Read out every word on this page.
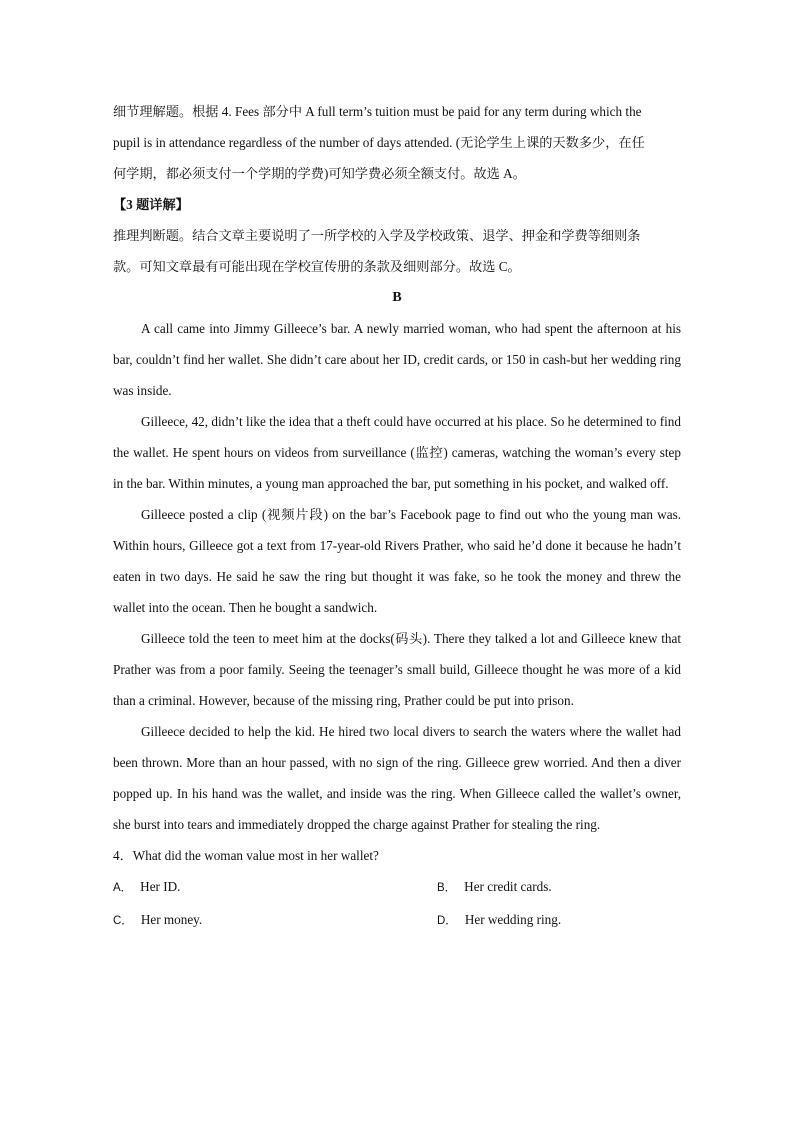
细节理解题。根据 4. Fees 部分中 A full term’s tuition must be paid for any term during which the

pupil is in attendance regardless of the number of days attended. (无论学生上课的天数多少，在任

何学期，都必须支付一个学期的学费)可知学费必须全额支付。故选 A。

【3 题详解】

推理判断题。结合文章主要说明了一所学校的入学及学校政策、退学、押金和学费等细则条

款。可知文章最有可能出现在学校宣传册的条款及细则部分。故选 C。

B

A call came into Jimmy Gilleece’s bar. A newly married woman, who had spent the afternoon at his bar, couldn’t find her wallet. She didn’t care about her ID, credit cards, or 150 in cash-but her wedding ring was inside.

Gilleece, 42, didn’t like the idea that a theft could have occurred at his place. So he determined to find the wallet. He spent hours on videos from surveillance (监控) cameras, watching the woman’s every step in the bar. Within minutes, a young man approached the bar, put something in his pocket, and walked off.

Gilleece posted a clip (视频片段) on the bar’s Facebook page to find out who the young man was. Within hours, Gilleece got a text from 17-year-old Rivers Prather, who said he’d done it because he hadn’t eaten in two days. He said he saw the ring but thought it was fake, so he took the money and threw the wallet into the ocean. Then he bought a sandwich.

Gilleece told the teen to meet him at the docks(码头). There they talked a lot and Gilleece knew that Prather was from a poor family. Seeing the teenager’s small build, Gilleece thought he was more of a kid than a criminal. However, because of the missing ring, Prather could be put into prison.

Gilleece decided to help the kid. He hired two local divers to search the waters where the wallet had been thrown. More than an hour passed, with no sign of the ring. Gilleece grew worried. And then a diver popped up. In his hand was the wallet, and inside was the ring. When Gilleece called the wallet’s owner, she burst into tears and immediately dropped the charge against Prather for stealing the ring.

4．What did the woman value most in her wallet?

A． Her ID.	B． Her credit cards.
C． Her money.	D． Her wedding ring.
